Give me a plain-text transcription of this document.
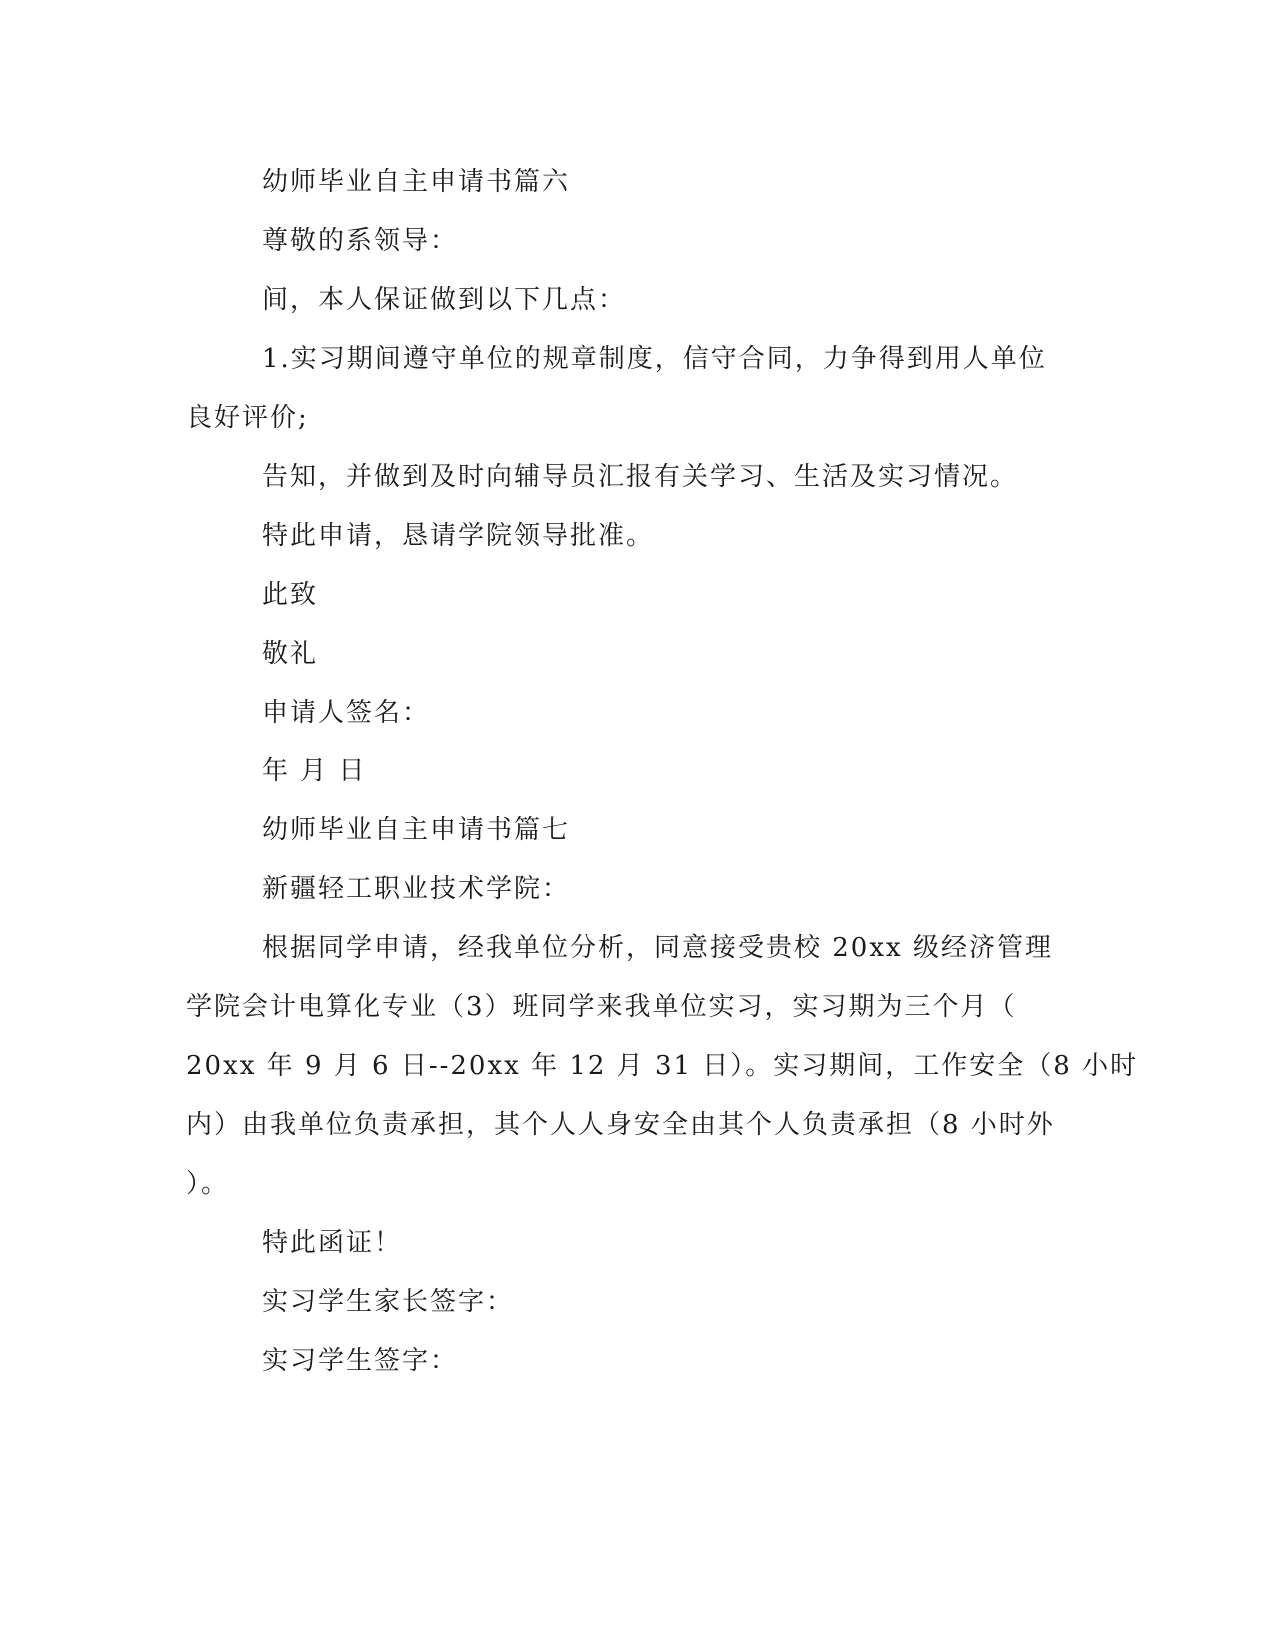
幼师毕业自主申请书篇六
尊敬的系领导：
间，本人保证做到以下几点：
1.实习期间遵守单位的规章制度，信守合同，力争得到用人单位
良好评价;
告知，并做到及时向辅导员汇报有关学习、生活及实习情况。
特此申请，恳请学院领导批准。
此致
敬礼
申请人签名：
年 月 日
幼师毕业自主申请书篇七
新疆轻工职业技术学院：
根据同学申请，经我单位分析，同意接受贵校 20xx 级经济管理
学院会计电算化专业（3）班同学来我单位实习，实习期为三个月（
20xx 年 9 月 6 日--20xx 年 12 月 31 日）。实习期间，工作安全（8 小时
内）由我单位负责承担，其个人人身安全由其个人负责承担（8 小时外
）。
特此函证！
实习学生家长签字：
实习学生签字：
